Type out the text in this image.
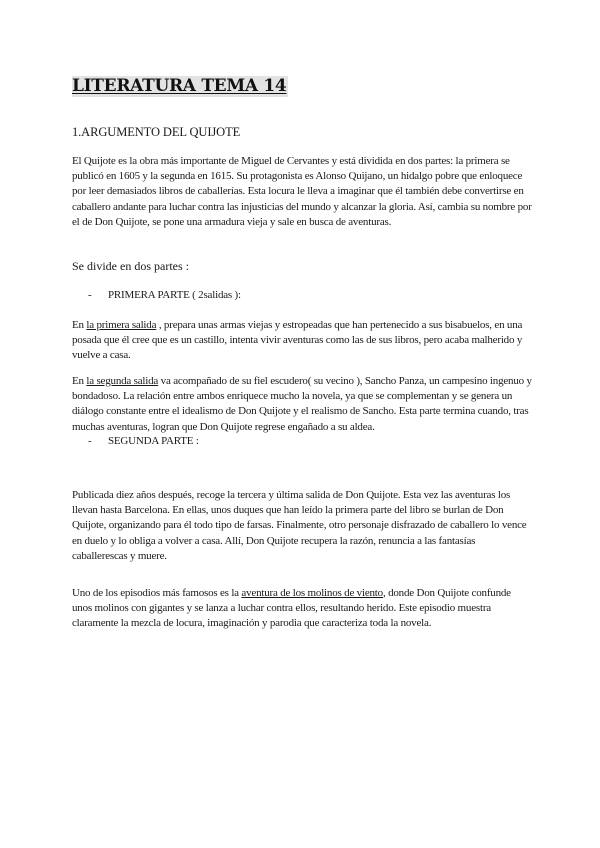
LITERATURA TEMA 14
1.ARGUMENTO DEL QUIJOTE

El Quijote es la obra más importante de Miguel de Cervantes y está dividida en dos partes: la primera se publicó en 1605 y la segunda en 1615. Su protagonista es Alonso Quijano, un hidalgo pobre que enloquece por leer demasiados libros de caballerías. Esta locura le lleva a imaginar que él también debe convertirse en caballero andante para luchar contra las injusticias del mundo y alcanzar la gloria. Así, cambia su nombre por el de Don Quijote, se pone una armadura vieja y sale en busca de aventuras.

Se divide en dos partes :
- PRIMERA PARTE ( 2salidas ):

En la primera salida , prepara unas armas viejas y estropeadas que han pertenecido a sus bisabuelos, en una posada que él cree que es un castillo, intenta vivir aventuras como las de sus libros, pero acaba malherido y vuelve a casa.

En la segunda salida va acompañado de su fiel escudero( su vecino ), Sancho Panza, un campesino ingenuo y bondadoso. La relación entre ambos enriquece mucho la novela, ya que se complementan y se genera un diálogo constante entre el idealismo de Don Quijote y el realismo de Sancho. Esta parte termina cuando, tras muchas aventuras, logran que Don Quijote regrese engañado a su aldea.

- SEGUNDA PARTE :

Publicada diez años después, recoge la tercera y última salida de Don Quijote. Esta vez las aventuras los llevan hasta Barcelona. En ellas, unos duques que han leído la primera parte del libro se burlan de Don Quijote, organizando para él todo tipo de farsas. Finalmente, otro personaje disfrazado de caballero lo vence en duelo y lo obliga a volver a casa. Allí, Don Quijote recupera la razón, renuncia a las fantasías caballerescas y muere.

Uno de los episodios más famosos es la aventura de los molinos de viento, donde Don Quijote confunde unos molinos con gigantes y se lanza a luchar contra ellos, resultando herido. Este episodio muestra claramente la mezcla de locura, imaginación y parodia que caracteriza toda la novela.
